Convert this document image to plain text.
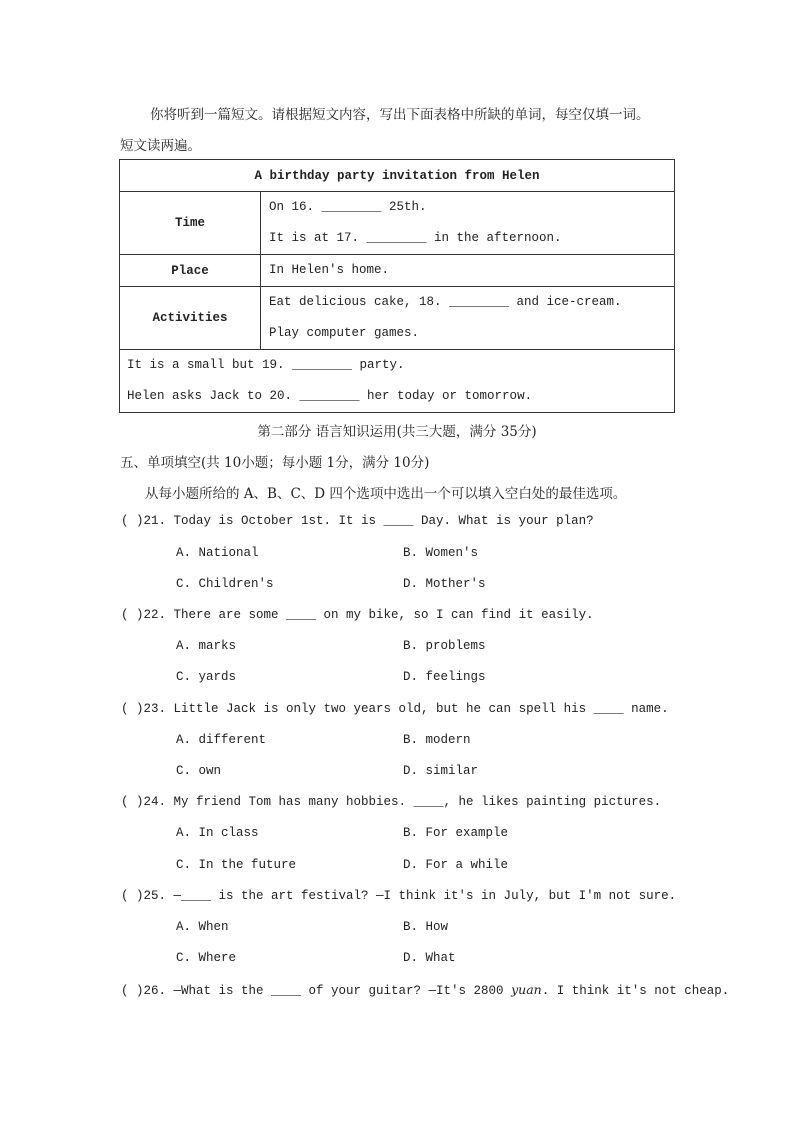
你将听到一篇短文。请根据短文内容，写出下面表格中所缺的单词，每空仅填一词。
短文读两遍。
A birthday party invitation from Helen	
Time	On 16. ________ 25th.
It is at 17. ________ in the afternoon.

Place	In Helen's home.

Activities	Eat delicious cake, 18. ________ and ice-cream.
Play computer games.

It is a small but 19. ________ party.
Helen asks Jack to 20. ________ her today or tomorrow.	
第二部分 语言知识运用(共三大题，满分 35分)
五、单项填空(共 10小题；每小题 1分，满分 10分)
从每小题所给的 A、B、C、D 四个选项中选出一个可以填入空白处的最佳选项。
( )21. Today is October 1st. It is ____ Day. What is your plan?
A. National	B. Women's
C. Children's	D. Mother's
( )22. There are some ____ on my bike, so I can find it easily.
A. marks	B. problems
C. yards	D. feelings
( )23. Little Jack is only two years old, but he can spell his ____ name.
A. different	B. modern
C. own	D. similar
( )24. My friend Tom has many hobbies. ____, he likes painting pictures.
A. In class	B. For example
C. In the future	D. For a while
( )25. —____ is the art festival? —I think it's in July, but I'm not sure.
A. When	B. How
C. Where	D. What
( )26. —What is the ____ of your guitar? —It's 2800 yuan. I think it's not cheap.
